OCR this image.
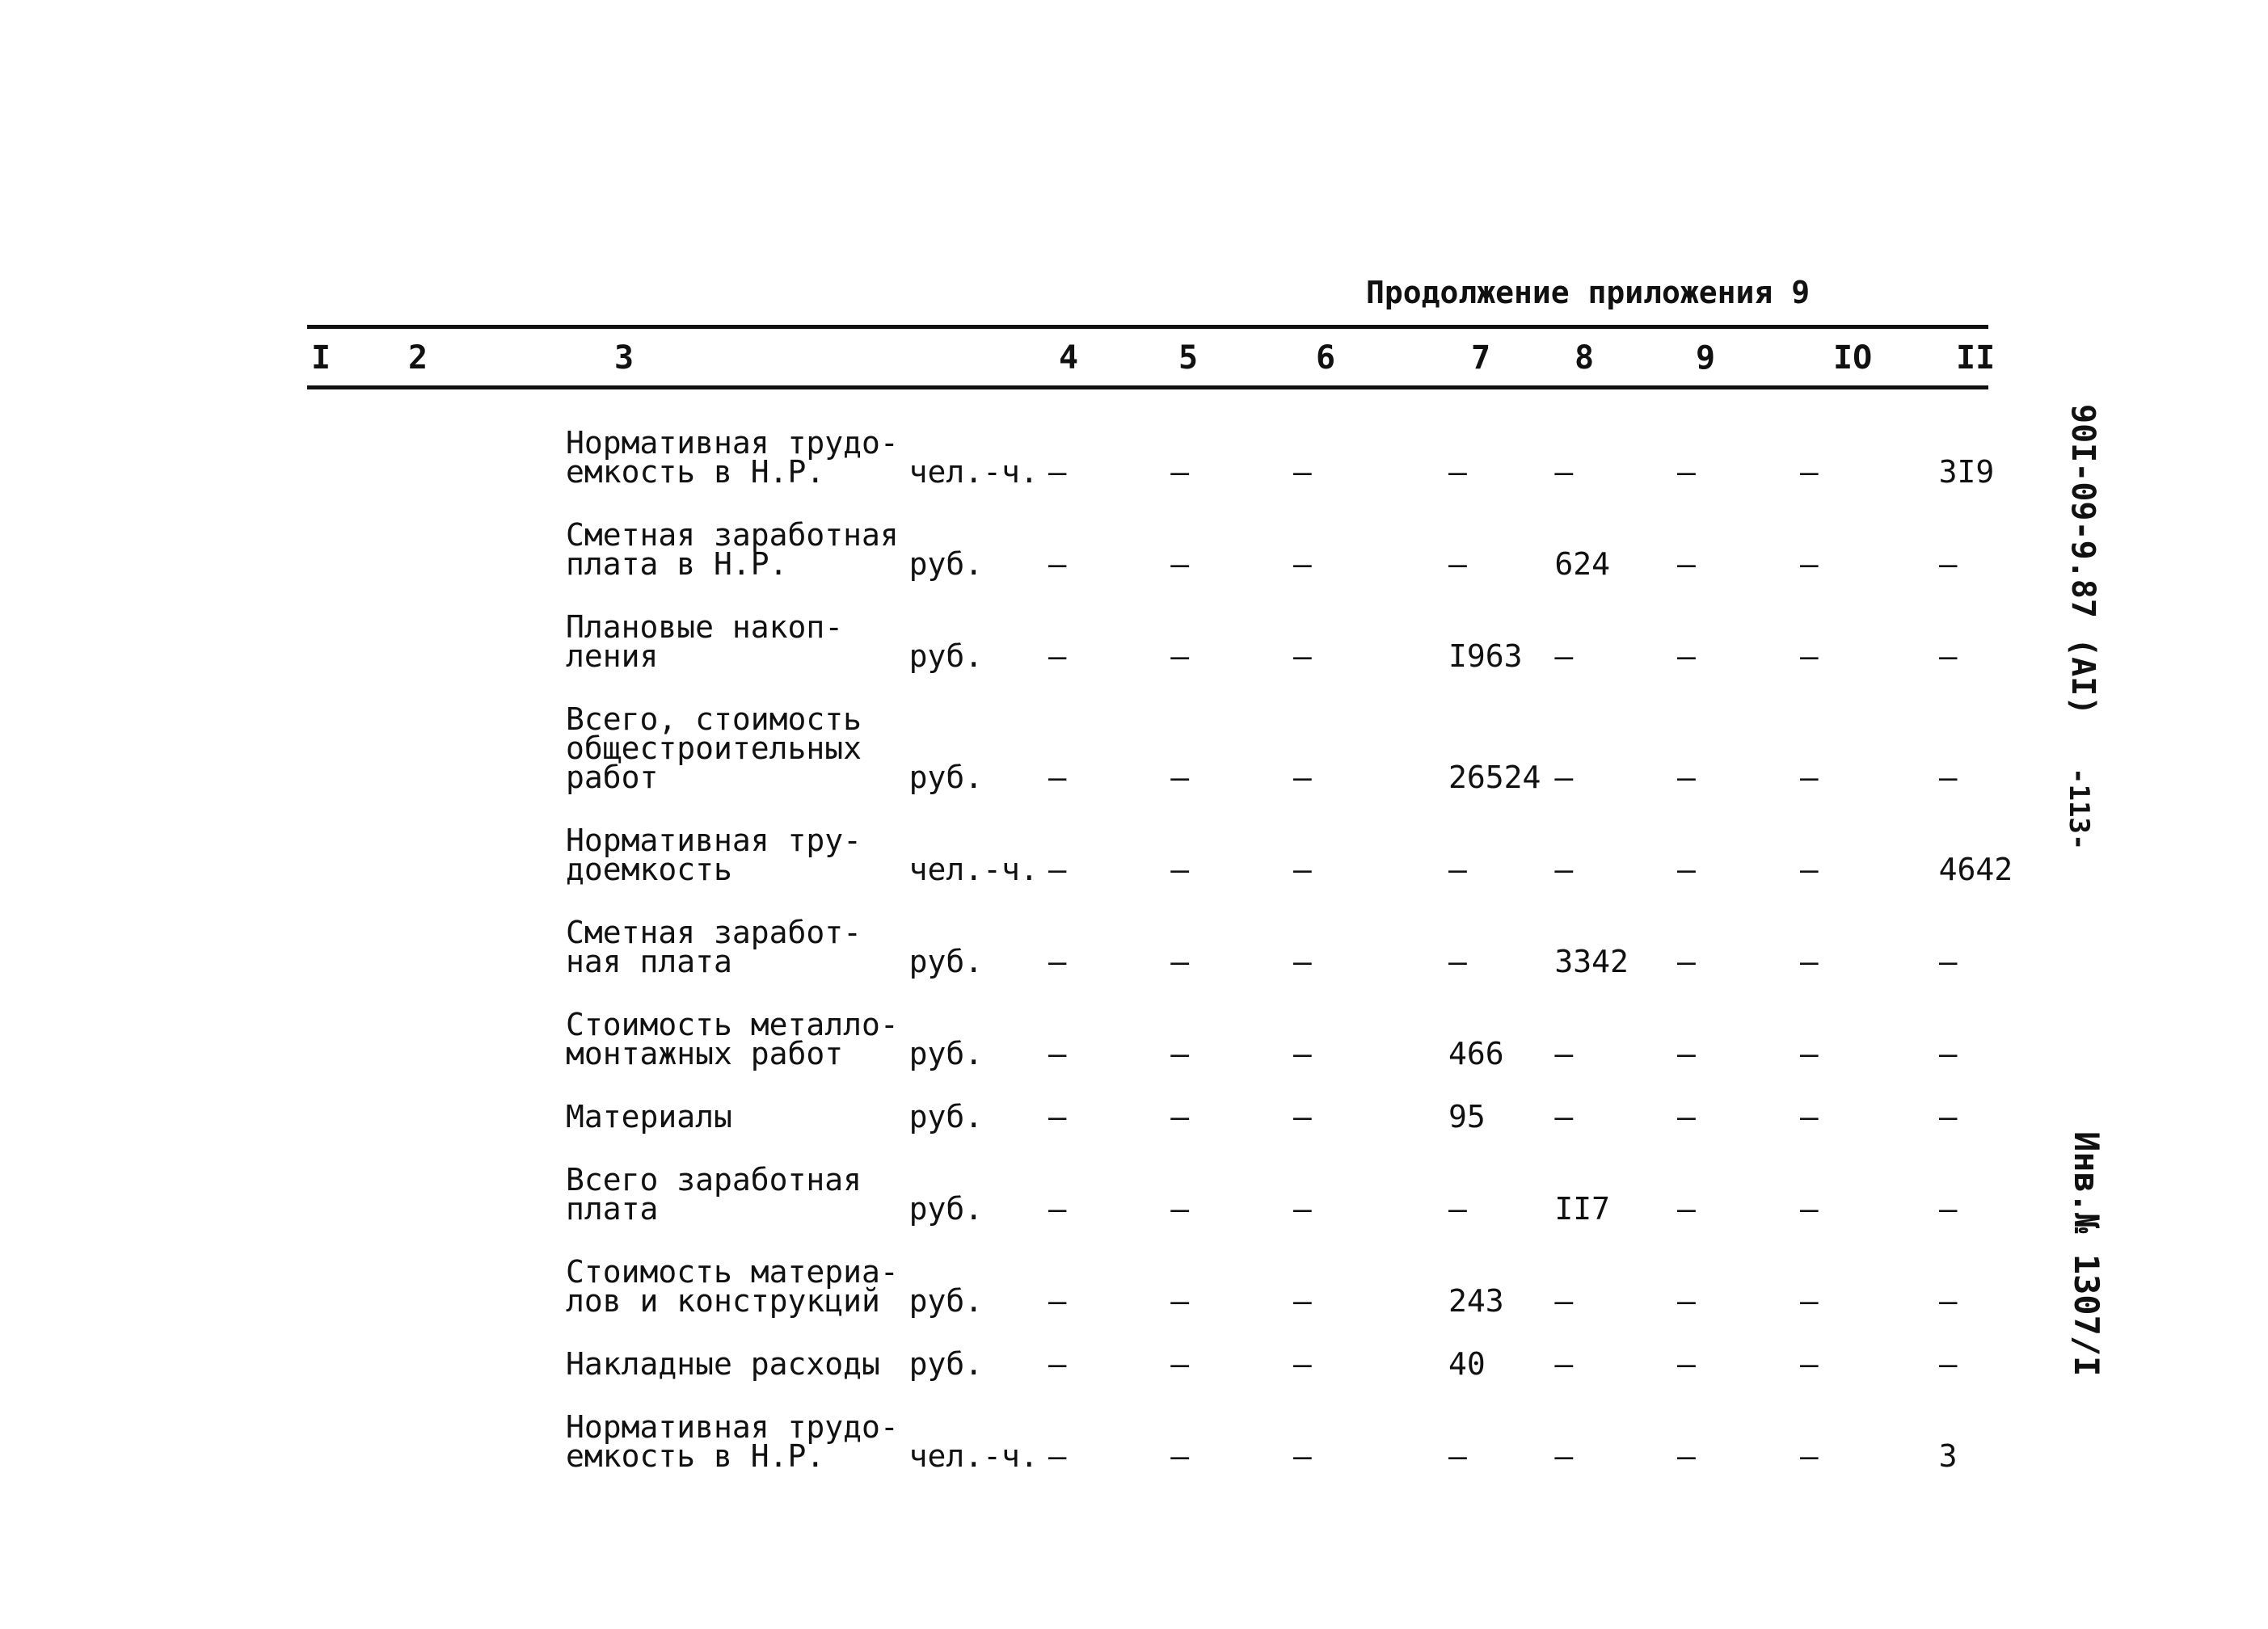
Продолжение приложения 9
I 2	3	4	5	6	7	8	9	IO	II
Нормативная трудо-
емкость в Н.Р.	чел.-ч.	–	–	–	–	–	–	–	3I9
Сметная заработная
плата в Н.Р.	руб.	–	–	–	–	624	–	–	–
Плановые накоп-
ления	руб.	–	–	–	I963	–	–	–	–
Всего, стоимость
общестроительных
работ	руб.	–	–	–	26524	–	–	–	–
Нормативная тру-
доемкость	чел.-ч.	–	–	–	–	–	–	–	4642
Сметная заработ-
ная плата	руб.	–	–	–	–	3342	–	–	–
Стоимость металло-
монтажных работ	руб.	–	–	–	466	–	–	–	–
Материалы	руб.	–	–	–	95	–	–	–	–
Всего заработная
плата	руб.	–	–	–	–	II7	–	–	–
Стоимость материа-
лов и конструкций	руб.	–	–	–	243	–	–	–	–
Накладные расходы	руб.	–	–	–	40	–	–	–	–
Нормативная трудо-
емкость в Н.Р.	чел.-ч.	–	–	–	–	–	–	–	3
90I-09-9.87 (AI)
-113-
Инв.№ 1307/I
